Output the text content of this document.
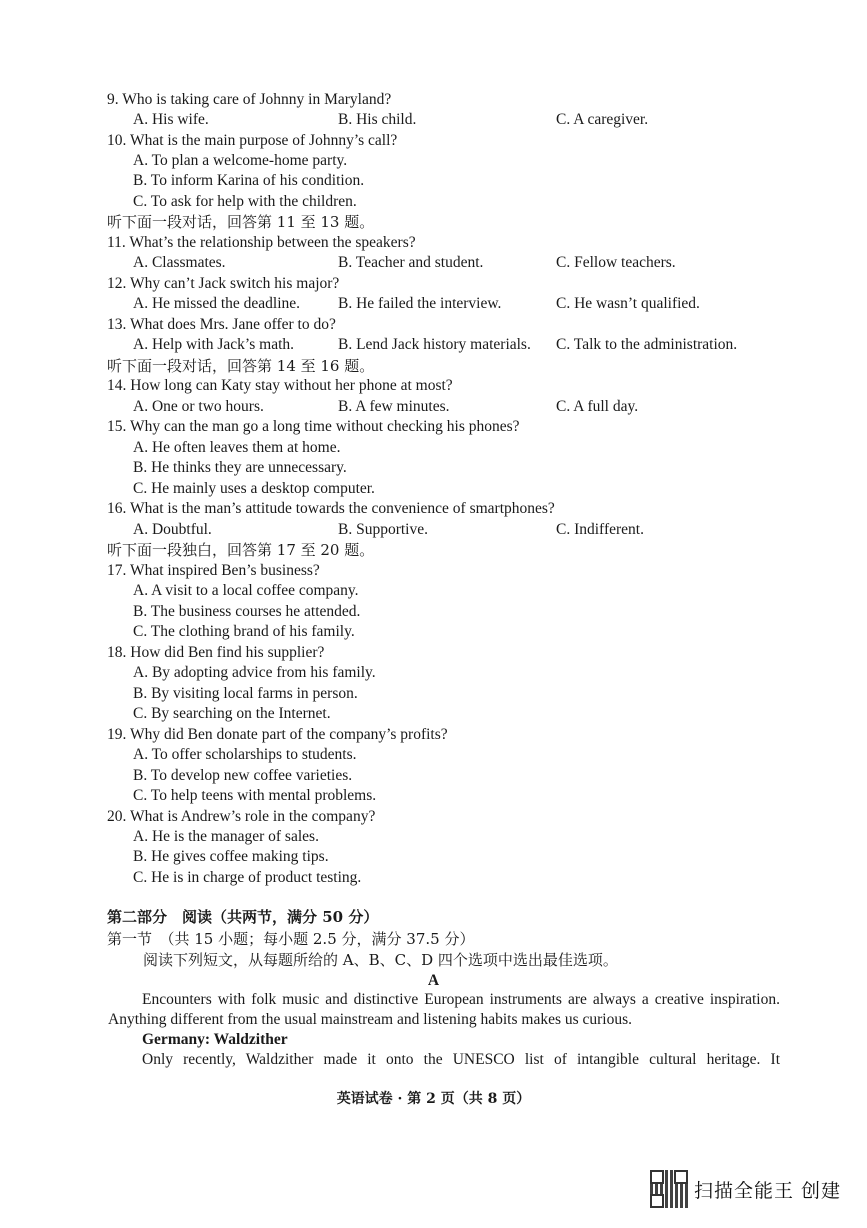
9. Who is taking care of Johnny in Maryland?
A. His wife.	B. His child.	C. A caregiver.
10. What is the main purpose of Johnny’s call?
A. To plan a welcome-home party.
B. To inform Karina of his condition.
C. To ask for help with the children.
听下面一段对话，回答第 11 至 13 题。
11. What’s the relationship between the speakers?
A. Classmates.	B. Teacher and student.	C. Fellow teachers.
12. Why can’t Jack switch his major?
A. He missed the deadline. B. He failed the interview.	C. He wasn’t qualified.
13. What does Mrs. Jane offer to do?
A. Help with Jack’s math.	B. Lend Jack history materials. C. Talk to the administration.
听下面一段对话，回答第 14 至 16 题。
14. How long can Katy stay without her phone at most?
A. One or two hours.	B. A few minutes.	C. A full day.
15. Why can the man go a long time without checking his phones?
A. He often leaves them at home.
B. He thinks they are unnecessary.
C. He mainly uses a desktop computer.
16. What is the man’s attitude towards the convenience of smartphones?
A. Doubtful.	B. Supportive.	C. Indifferent.
听下面一段独白，回答第 17 至 20 题。
17. What inspired Ben’s business?
A. A visit to a local coffee company.
B. The business courses he attended.
C. The clothing brand of his family.
18. How did Ben find his supplier?
A. By adopting advice from his family.
B. By visiting local farms in person.
C. By searching on the Internet.
19. Why did Ben donate part of the company’s profits?
A. To offer scholarships to students.
B. To develop new coffee varieties.
C. To help teens with mental problems.
20. What is Andrew’s role in the company?
A. He is the manager of sales.
B. He gives coffee making tips.
C. He is in charge of product testing.
第二部分　阅读（共两节，满分 50 分）
第一节　（共 15 小题；每小题 2.5 分，满分 37.5 分）
阅读下列短文，从每题所给的 A、B、C、D 四个选项中选出最佳选项。
A
Encounters with folk music and distinctive European instruments are always a creative inspiration. Anything different from the usual mainstream and listening habits makes us curious.
Germany: Waldzither
Only recently, Waldzither made it onto the UNESCO list of intangible cultural heritage. It
英语试卷 · 第 2 页（共 8 页）
扫描全能王 创建
